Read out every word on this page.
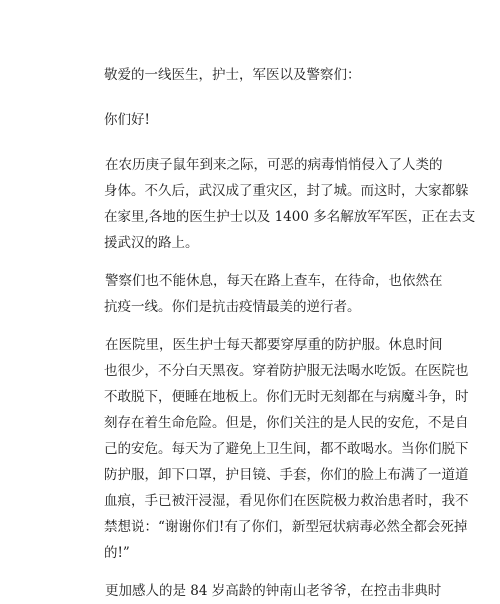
敬爱的一线医生，护士，军医以及警察们：

你们好!

在农历庚子鼠年到来之际，可恶的病毒悄悄侵入了人类的
身体。不久后，武汉成了重灾区，封了城。而这时，大家都躲
在家里,各地的医生护士以及 1400 多名解放军军医，正在去支
援武汉的路上。

警察们也不能休息，每天在路上查车，在待命，也依然在
抗疫一线。你们是抗击疫情最美的逆行者。

在医院里，医生护士每天都要穿厚重的防护服。休息时间
也很少，不分白天黑夜。穿着防护服无法喝水吃饭。在医院也
不敢脱下，便睡在地板上。你们无时无刻都在与病魔斗争，时
刻存在着生命危险。但是，你们关注的是人民的安危，不是自
己的安危。每天为了避免上卫生间，都不敢喝水。当你们脱下
防护服，卸下口罩，护目镜、手套，你们的脸上布满了一道道
血痕，手已被汗浸湿，看见你们在医院极力救治患者时，我不
禁想说：“谢谢你们!有了你们，新型冠状病毒必然全都会死掉
的!”

更加感人的是 84 岁高龄的钟南山老爷爷，在控击非典时
